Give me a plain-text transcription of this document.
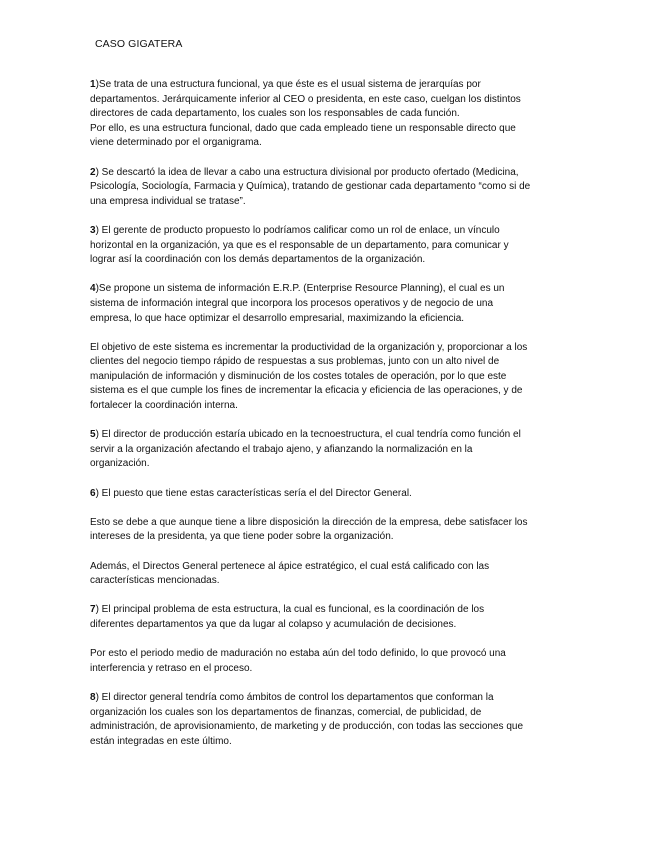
CASO GIGATERA
1)Se trata de una estructura funcional, ya que éste es el usual sistema de jerarquías por
departamentos. Jerárquicamente inferior al CEO o presidenta, en este caso, cuelgan los distintos
directores de cada departamento, los cuales son los responsables de cada función.
Por ello, es una estructura funcional, dado que cada empleado tiene un responsable directo que
viene determinado por el organigrama.
2) Se descartó la idea de llevar a cabo una estructura divisional por producto ofertado (Medicina,
Psicología, Sociología, Farmacia y Química), tratando de gestionar cada departamento “como si de
una empresa individual se tratase”.
3) El gerente de producto propuesto lo podríamos calificar como un rol de enlace, un vínculo
horizontal en la organización, ya que es el responsable de un departamento, para comunicar y
lograr así la coordinación con los demás departamentos de la organización.
4)Se propone un sistema de información E.R.P. (Enterprise Resource Planning), el cual es un
sistema de información integral que incorpora los procesos operativos y de negocio de una
empresa, lo que hace optimizar el desarrollo empresarial, maximizando la eficiencia.
El objetivo de este sistema es incrementar la productividad de la organización y, proporcionar a los
clientes del negocio tiempo rápido de respuestas a sus problemas, junto con un alto nivel de
manipulación de información y disminución de los costes totales de operación, por lo que este
sistema es el que cumple los fines de incrementar la eficacia y eficiencia de las operaciones, y de
fortalecer la coordinación interna.
5) El director de producción estaría ubicado en la tecnoestructura, el cual tendría como función el
servir a la organización afectando el trabajo ajeno, y afianzando la normalización en la
organización.
6) El puesto que tiene estas características sería el del Director General.
Esto se debe a que aunque tiene a libre disposición la dirección de la empresa, debe satisfacer los
intereses de la presidenta, ya que tiene poder sobre la organización.
Además, el Directos General pertenece al ápice estratégico, el cual está calificado con las
características mencionadas.
7) El principal problema de esta estructura, la cual es funcional, es la coordinación de los
diferentes departamentos ya que da lugar al colapso y acumulación de decisiones.
Por esto el periodo medio de maduración no estaba aún del todo definido, lo que provocó una
interferencia y retraso en el proceso.
8) El director general tendría como ámbitos de control los departamentos que conforman la
organización los cuales son los departamentos de finanzas, comercial, de publicidad, de
administración, de aprovisionamiento, de marketing y de producción, con todas las secciones que
están integradas en este último.
